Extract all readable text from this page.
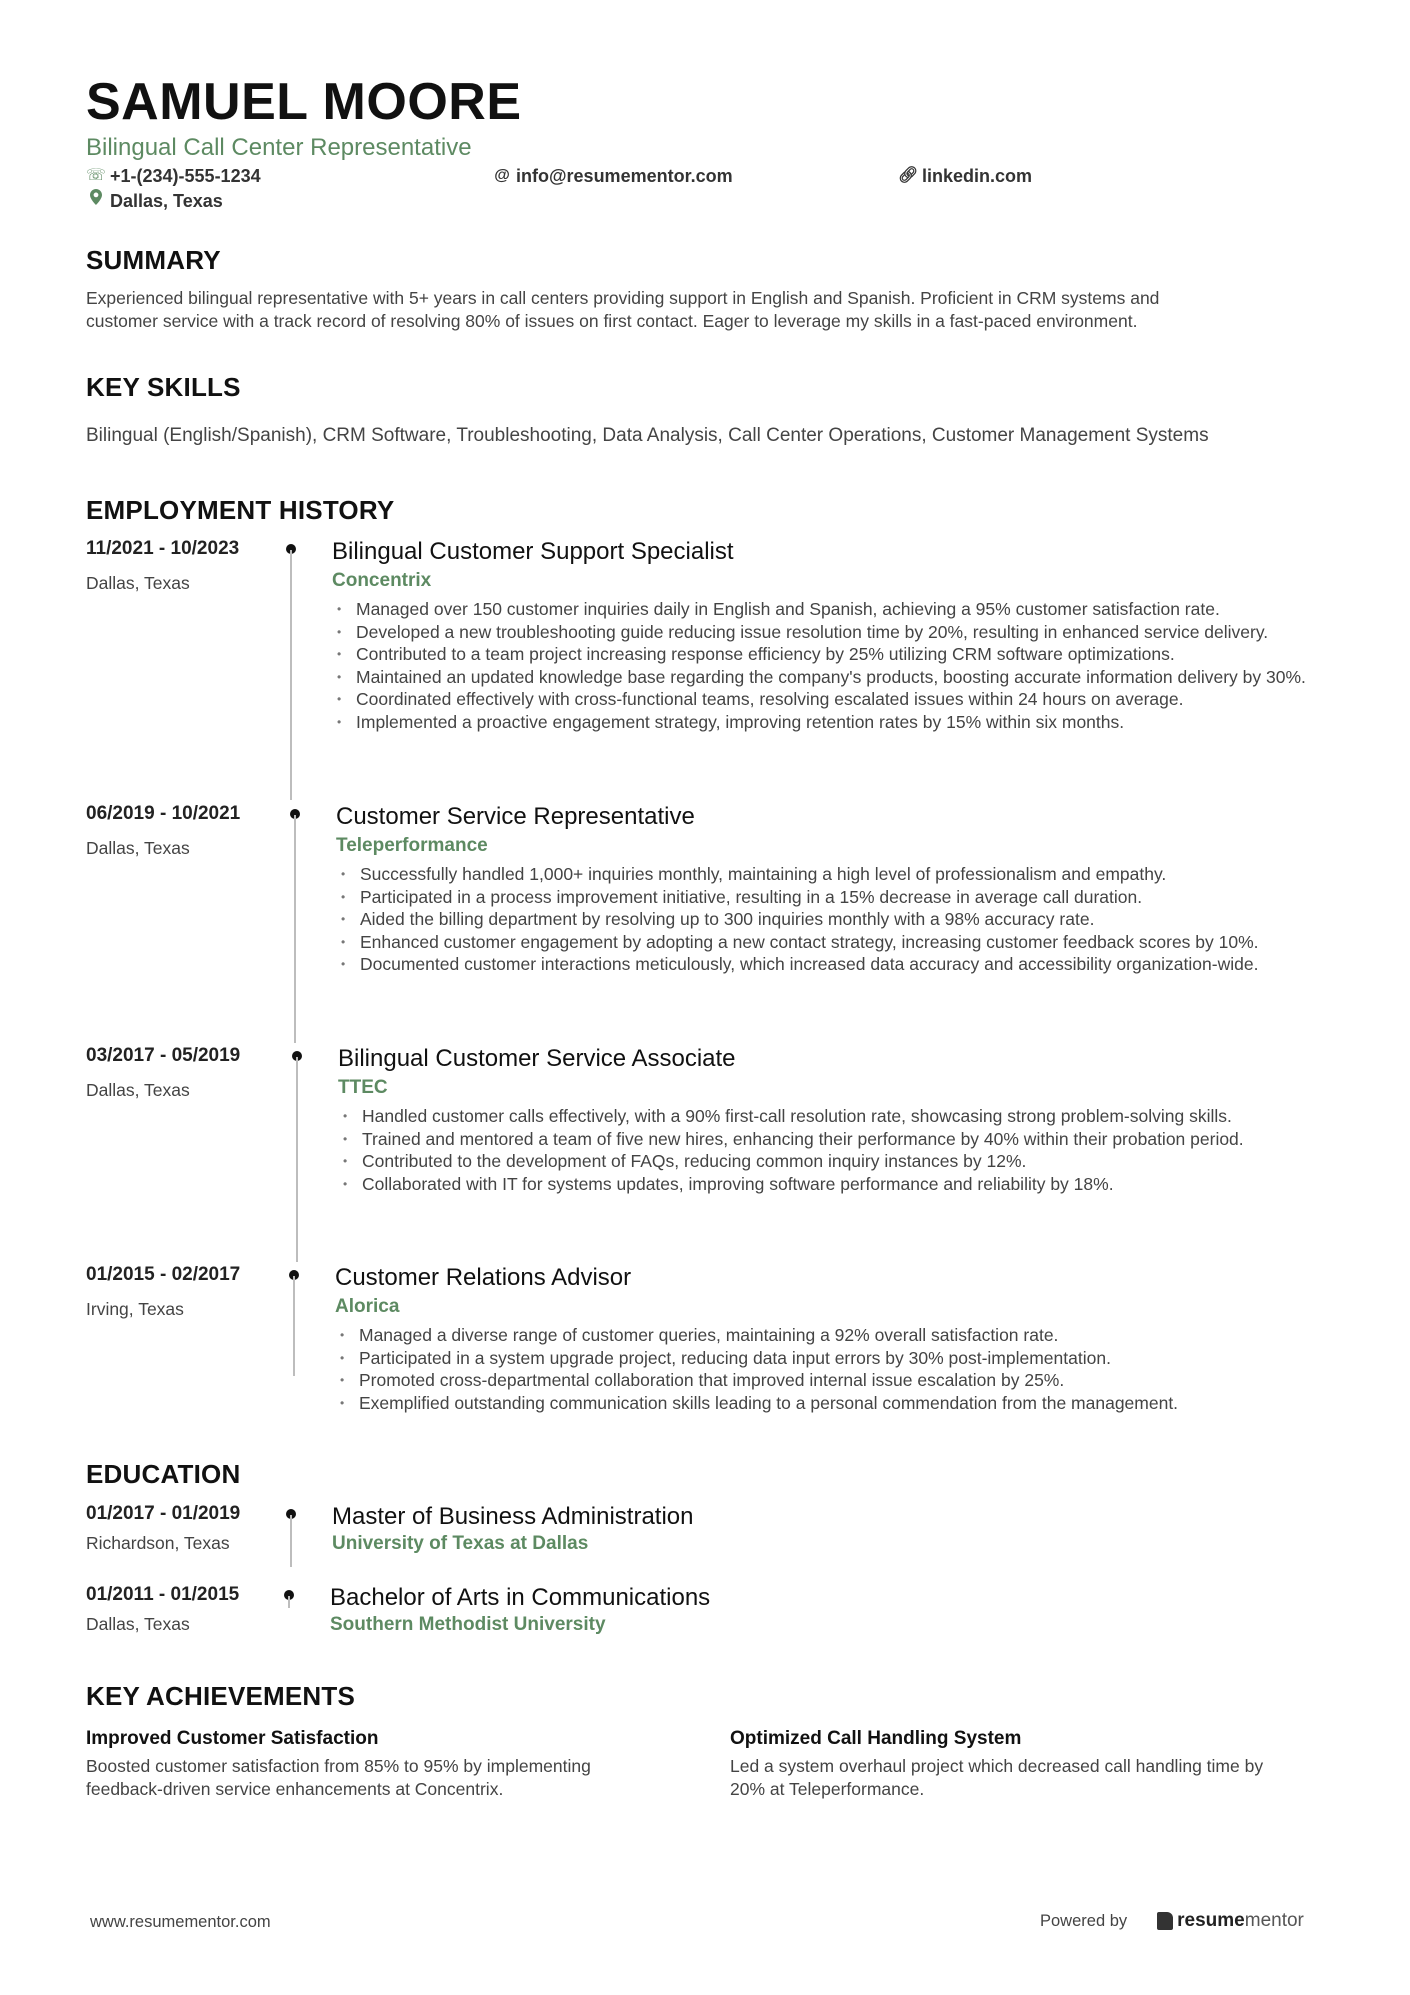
SAMUEL MOORE
Bilingual Call Center Representative
☏ +1-(234)-555-1234	@ info@resumementor.com	🔗︎ linkedin.com
Dallas, Texas
SUMMARY
Experienced bilingual representative with 5+ years in call centers providing support in English and Spanish. Proficient in CRM systems and
customer service with a track record of resolving 80% of issues on first contact. Eager to leverage my skills in a fast-paced environment.
KEY SKILLS
Bilingual (English/Spanish), CRM Software, Troubleshooting, Data Analysis, Call Center Operations, Customer Management Systems
EMPLOYMENT HISTORY
11/2021 - 10/2023
Dallas, Texas
Bilingual Customer Support Specialist
Concentrix
• Managed over 150 customer inquiries daily in English and Spanish, achieving a 95% customer satisfaction rate.
• Developed a new troubleshooting guide reducing issue resolution time by 20%, resulting in enhanced service delivery.
• Contributed to a team project increasing response efficiency by 25% utilizing CRM software optimizations.
• Maintained an updated knowledge base regarding the company's products, boosting accurate information delivery by 30%.
• Coordinated effectively with cross-functional teams, resolving escalated issues within 24 hours on average.
• Implemented a proactive engagement strategy, improving retention rates by 15% within six months.
06/2019 - 10/2021
Dallas, Texas
Customer Service Representative
Teleperformance
• Successfully handled 1,000+ inquiries monthly, maintaining a high level of professionalism and empathy.
• Participated in a process improvement initiative, resulting in a 15% decrease in average call duration.
• Aided the billing department by resolving up to 300 inquiries monthly with a 98% accuracy rate.
• Enhanced customer engagement by adopting a new contact strategy, increasing customer feedback scores by 10%.
• Documented customer interactions meticulously, which increased data accuracy and accessibility organization-wide.
03/2017 - 05/2019
Dallas, Texas
Bilingual Customer Service Associate
TTEC
• Handled customer calls effectively, with a 90% first-call resolution rate, showcasing strong problem-solving skills.
• Trained and mentored a team of five new hires, enhancing their performance by 40% within their probation period.
• Contributed to the development of FAQs, reducing common inquiry instances by 12%.
• Collaborated with IT for systems updates, improving software performance and reliability by 18%.
01/2015 - 02/2017
Irving, Texas
Customer Relations Advisor
Alorica
• Managed a diverse range of customer queries, maintaining a 92% overall satisfaction rate.
• Participated in a system upgrade project, reducing data input errors by 30% post-implementation.
• Promoted cross-departmental collaboration that improved internal issue escalation by 25%.
• Exemplified outstanding communication skills leading to a personal commendation from the management.
EDUCATION
01/2017 - 01/2019
Richardson, Texas
Master of Business Administration
University of Texas at Dallas
01/2011 - 01/2015
Dallas, Texas
Bachelor of Arts in Communications
Southern Methodist University
KEY ACHIEVEMENTS
Improved Customer Satisfaction
Boosted customer satisfaction from 85% to 95% by implementing
feedback-driven service enhancements at Concentrix.
Optimized Call Handling System
Led a system overhaul project which decreased call handling time by
20% at Teleperformance.
www.resumementor.com	Powered by	resumementor
